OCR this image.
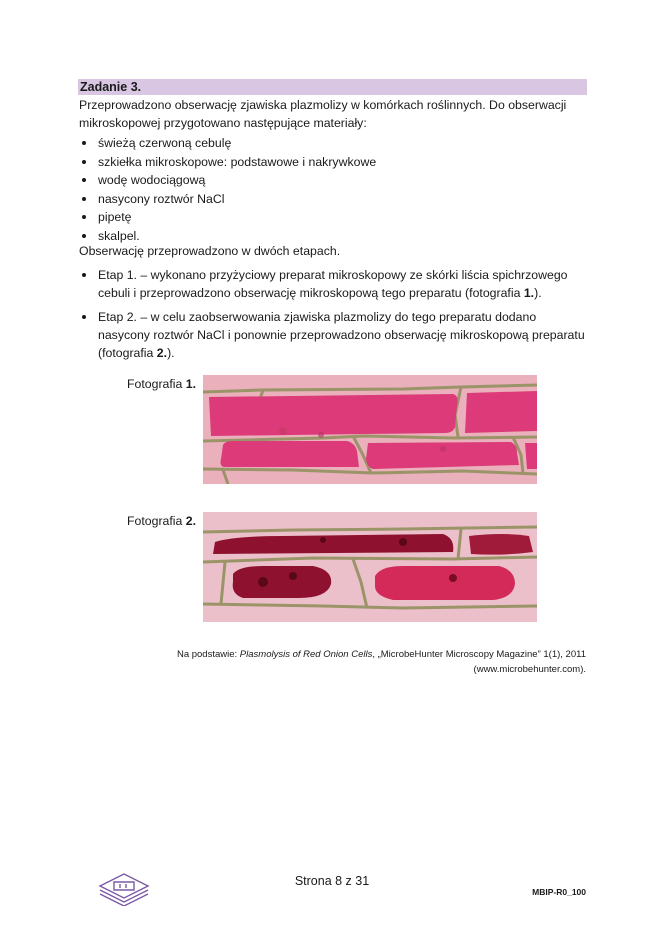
Zadanie 3.
Przeprowadzono obserwację zjawiska plazmolizy w komórkach roślinnych. Do obserwacji mikroskopowej przygotowano następujące materiały:
świeżą czerwoną cebulę
szkiełka mikroskopowe: podstawowe i nakrywkowe
wodę wodociągową
nasycony roztwór NaCl
pipetę
skalpel.
Obserwację przeprowadzono w dwóch etapach.
Etap 1. – wykonano przyżyciowy preparat mikroskopowy ze skórki liścia spichrzowego cebuli i przeprowadzono obserwację mikroskopową tego preparatu (fotografia 1.).
Etap 2. – w celu zaobserwowania zjawiska plazmolizy do tego preparatu dodano nasycony roztwór NaCl i ponownie przeprowadzono obserwację mikroskopową preparatu (fotografia 2.).
Fotografia 1.
Fotografia 2.
Na podstawie: Plasmolysis of Red Onion Cells, „MicrobeHunter Microscopy Magazine” 1(1), 2011
(www.microbehunter.com).
Strona 8 z 31
MBIP-R0_100
